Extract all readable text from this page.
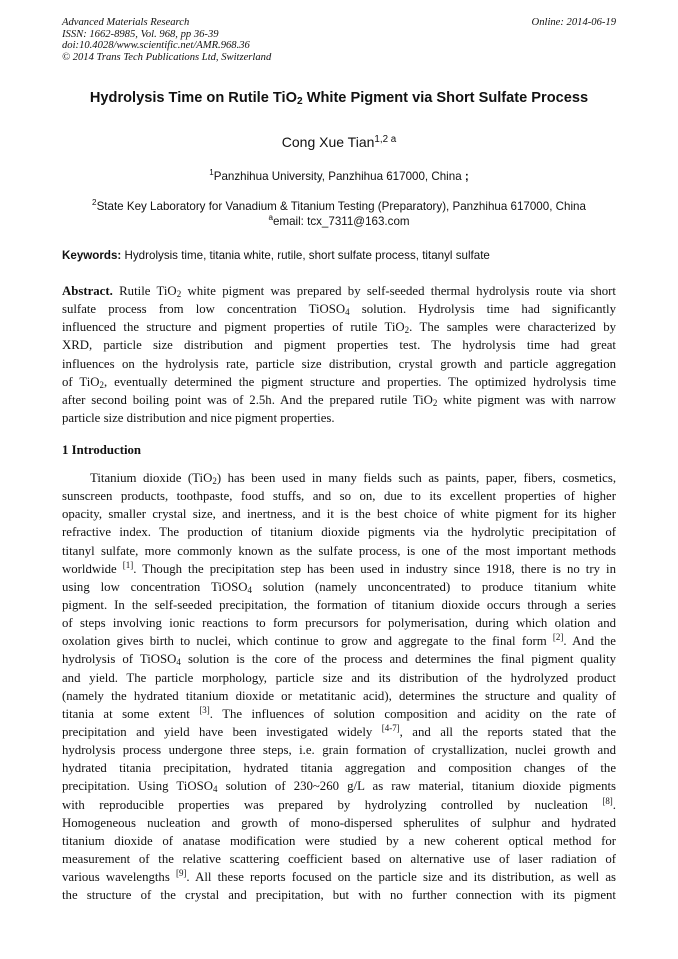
Advanced Materials Research
ISSN: 1662-8985, Vol. 968, pp 36-39
doi:10.4028/www.scientific.net/AMR.968.36
© 2014 Trans Tech Publications Ltd, Switzerland
Online: 2014-06-19
Hydrolysis Time on Rutile TiO$_2$ White Pigment via Short Sulfate Process
Cong Xue Tian$^{1,2 a}$
$^1$Panzhihua University, Panzhihua 617000, China ;
$^2$State Key Laboratory for Vanadium & Titanium Testing (Preparatory), Panzhihua 617000, China
$^a$email: tcx_7311@163.com
Keywords: Hydrolysis time, titania white, rutile, short sulfate process, titanyl sulfate
Abstract. Rutile TiO$_2$ white pigment was prepared by self-seeded thermal hydrolysis route via short
sulfate process from low concentration TiOSO$_4$ solution. Hydrolysis time had significantly
influenced the structure and pigment properties of rutile TiO$_2$. The samples were characterized by
XRD, particle size distribution and pigment properties test. The hydrolysis time had great
influences on the hydrolysis rate, particle size distribution, crystal growth and particle aggregation
of TiO$_2$, eventually determined the pigment structure and properties. The optimized hydrolysis time
after second boiling point was of 2.5h. And the prepared rutile TiO$_2$ white pigment was with narrow
particle size distribution and nice pigment properties.
1 Introduction
Titanium dioxide (TiO$_2$) has been used in many fields such as paints, paper, fibers, cosmetics,
sunscreen products, toothpaste, food stuffs, and so on, due to its excellent properties of higher
opacity, smaller crystal size, and inertness, and it is the best choice of white pigment for its higher
refractive index. The production of titanium dioxide pigments via the hydrolytic precipitation of
titanyl sulfate, more commonly known as the sulfate process, is one of the most important methods
worldwide [1]. Though the precipitation step has been used in industry since 1918, there is no try in
using low concentration TiOSO$_4$ solution (namely unconcentrated) to produce titanium white
pigment. In the self-seeded precipitation, the formation of titanium dioxide occurs through a series
of steps involving ionic reactions to form precursors for polymerisation, during which olation and
oxolation gives birth to nuclei, which continue to grow and aggregate to the final form [2]. And the
hydrolysis of TiOSO$_4$ solution is the core of the process and determines the final pigment quality
and yield. The particle morphology, particle size and its distribution of the hydrolyzed product
(namely the hydrated titanium dioxide or metatitanic acid), determines the structure and quality of
titania at some extent [3]. The influences of solution composition and acidity on the rate of
precipitation and yield have been investigated widely [4-7], and all the reports stated that the
hydrolysis process undergone three steps, i.e. grain formation of crystallization, nuclei growth and
hydrated titania precipitation, hydrated titania aggregation and composition changes of the
precipitation. Using TiOSO$_4$ solution of 230~260 g/L as raw material, titanium dioxide pigments
with reproducible properties was prepared by hydrolyzing controlled by nucleation [8].
Homogeneous nucleation and growth of mono-dispersed spherulites of sulphur and hydrated
titanium dioxide of anatase modification were studied by a new coherent optical method for
measurement of the relative scattering coefficient based on alternative use of laser radiation of
various wavelengths [9]. All these reports focused on the particle size and its distribution, as well as
the structure of the crystal and precipitation, but with no further connection with its pigment
